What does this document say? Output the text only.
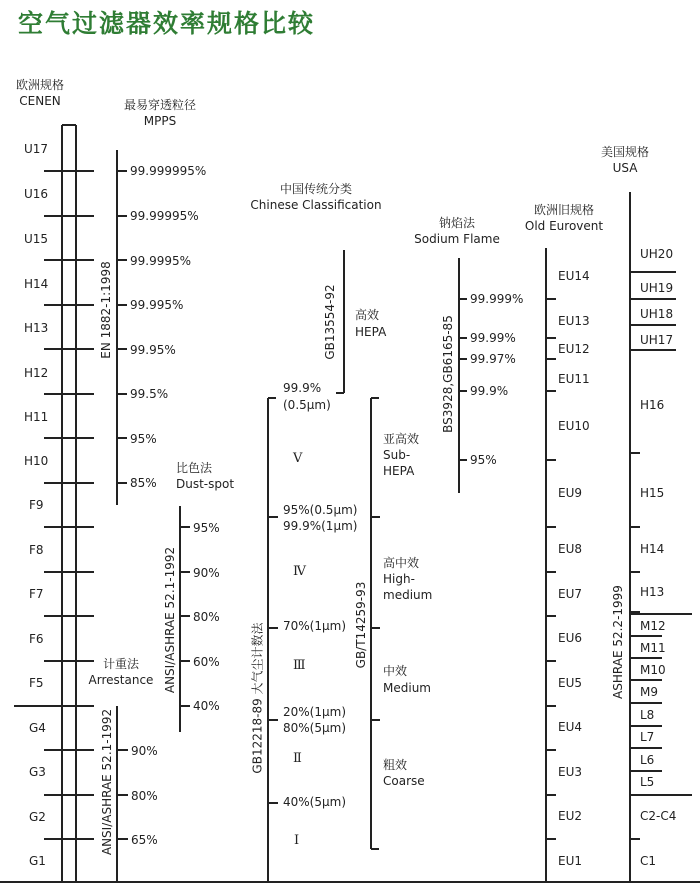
空气过滤器效率规格比较
欧洲规格
CENEN	最易穿透粒径
MPPS
中国传统分类
Chinese Classification
钠焰法
Sodium Flame
欧洲旧规格
Old Eurovent
美国规格
USA
比色法
Dust-spot
计重法
Arrestance
U17
U16
U15
H14
H13
H12
H11
H10
F9
F8
F7
F6
F5
G4
G3
G2
G1
EN 1882-1:1998
99.999995%
99.99995%
99.9995%
99.995%
99.95%
99.5%
95%
85%
ANSI/ASHRAE 52.1-1992
95%
90%
80%
60%
40%
ANSI/ASHRAE 52.1-1992 90%
80%
65%
GB12218-89 大气尘计数法
99.9%
(0.5μm)
95%(0.5μm)
99.9%(1μm)
70%(1μm)
20%(1μm)
80%(5μm)
40%(5μm)
Ⅴ
Ⅳ
Ⅲ
Ⅱ
Ⅰ
GB13554-92 高效
HEPA
GB/T14259-93
亚高效
Sub-
HEPA
高中效
High-
medium
中效
Medium
粗效
Coarse
BS3928,GB6165-85
99.999%
99.99%
99.97%
99.9%
95%
EU14
EU13
EU12
EU11
EU10
EU9
EU8
EU7
EU6
EU5
EU4
EU3
EU2
EU1
ASHRAE 52.2-1999
UH20
UH19
UH18
UH17
H16
H15
H14
H13
M12
M11
M10
M9
L8
L7
L6
L5
C2-C4
C1
